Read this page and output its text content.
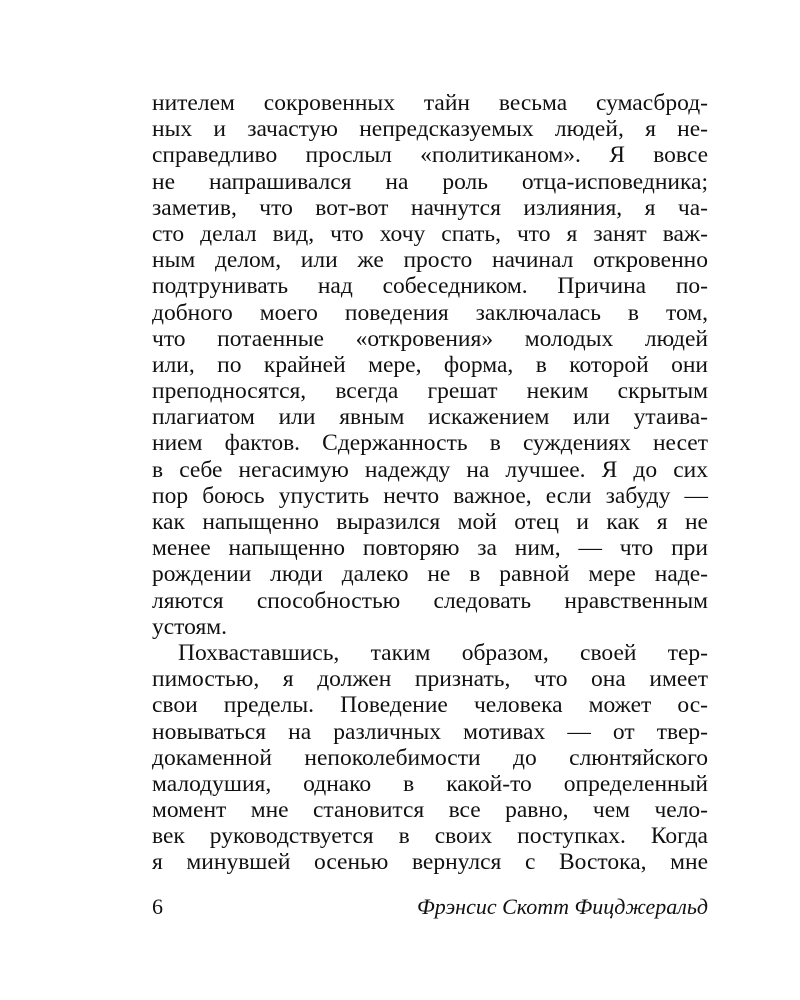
нителем сокровенных тайн весьма сумасброд-
ных и зачастую непредсказуемых людей, я не-
справедливо прослыл «политиканом». Я вовсе
не напрашивался на роль отца-исповедника;
заметив, что вот-вот начнутся излияния, я ча-
сто делал вид, что хочу спать, что я занят важ-
ным делом, или же просто начинал откровенно
подтрунивать над собеседником. Причина по-
добного моего поведения заключалась в том,
что потаенные «откровения» молодых людей
или, по крайней мере, форма, в которой они
преподносятся, всегда грешат неким скрытым
плагиатом или явным искажением или утаива-
нием фактов. Сдержанность в суждениях несет
в себе негасимую надежду на лучшее. Я до сих
пор боюсь упустить нечто важное, если забуду —
как напыщенно выразился мой отец и как я не
менее напыщенно повторяю за ним, — что при
рождении люди далеко не в равной мере наде-
ляются способностью следовать нравственным
устоям.
Похваставшись, таким образом, своей тер-
пимостью, я должен признать, что она имеет
свои пределы. Поведение человека может ос-
новываться на различных мотивах — от твер-
докаменной непоколебимости до слюнтяйского
малодушия, однако в какой-то определенный
момент мне становится все равно, чем чело-
век руководствуется в своих поступках. Когда
я минувшей осенью вернулся с Востока, мне
6	Фрэнсис Скотт Фицджеральд
